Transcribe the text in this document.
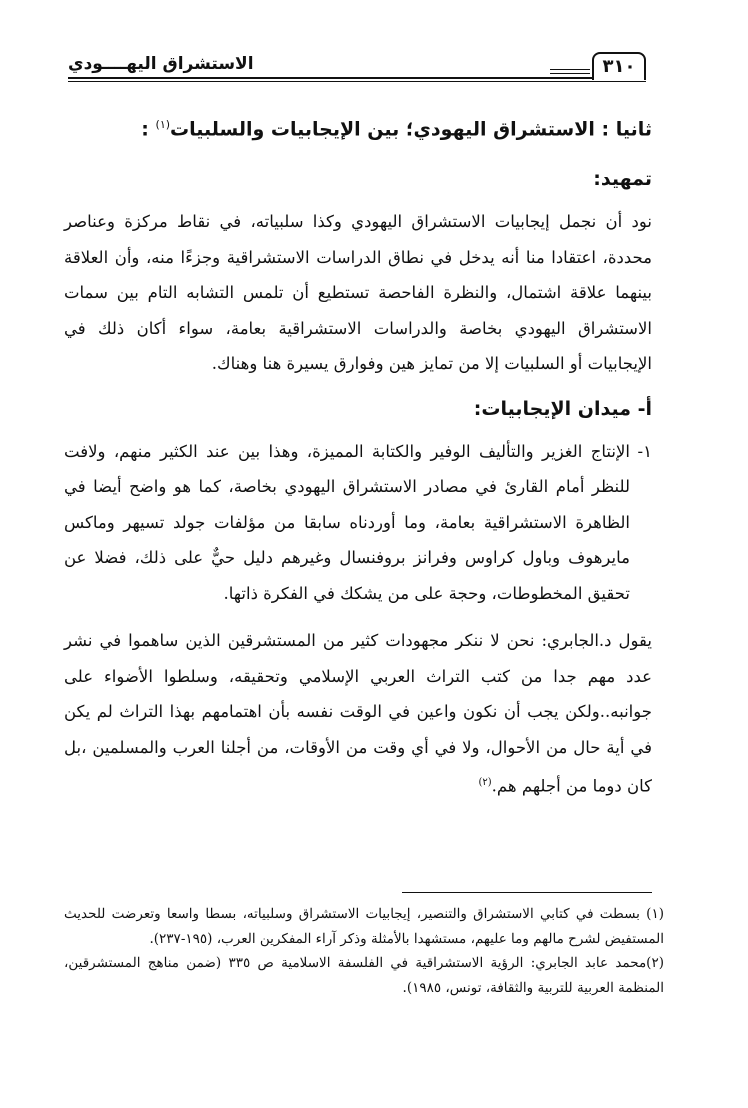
الاستشراق اليهــــودي	٣١٠
ثانيا : الاستشراق اليهودي؛ بين الإيجابيات والسلبيات$^{(١)}$ :
تمهيد:

نود أن نجمل إيجابيات الاستشراق اليهودي وكذا سلبياته، في نقاط مركزة وعناصر محددة، اعتقادا منا أنه يدخل في نطاق الدراسات الاستشراقية وجزءًا منه، وأن العلاقة بينهما علاقة اشتمال، والنظرة الفاحصة تستطيع أن تلمس التشابه التام بين سمات الاستشراق اليهودي بخاصة والدراسات الاستشراقية بعامة، سواء أكان ذلك في الإيجابيات أو السلبيات إلا من تمايز هين وفوارق يسيرة هنا وهناك.

أ- ميدان الإيجابيات:
١-

الإنتاج الغزير والتأليف الوفير والكتابة المميزة، وهذا بين عند الكثير منهم، ولافت للنظر أمام القارئ في مصادر الاستشراق اليهودي بخاصة، كما هو واضح أيضا في الظاهرة الاستشراقية بعامة، وما أوردناه سابقا من مؤلفات جولد تسيهر وماكس مايرهوف وباول كراوس وفرانز بروفنسال وغيرهم دليل حيٌّ على ذلك، فضلا عن تحقيق المخطوطات، وحجة على من يشكك في الفكرة ذاتها.

يقول د.الجابري: نحن لا ننكر مجهودات كثير من المستشرقين الذين ساهموا في نشر عدد مهم جدا من كتب التراث العربي الإسلامي وتحقيقه، وسلطوا الأضواء على جوانبه..ولكن يجب أن نكون واعين في الوقت نفسه بأن اهتمامهم بهذا التراث لم يكن في أية حال من الأحوال، ولا في أي وقت من الأوقات، من أجلنا العرب والمسلمين ،بل كان دوما من أجلهم هم.$^{(٢)}$

(١) بسطت في كتابي الاستشراق والتنصير، إيجابيات الاستشراق وسلبياته، بسطا واسعا وتعرضت للحديث المستفيض لشرح مالهم وما عليهم، مستشهدا بالأمثلة وذكر آراء المفكرين العرب، (١٩٥-٢٣٧).

(٢)محمد عابد الجابري: الرؤية الاستشراقية في الفلسفة الاسلامية ص ٣٣٥ (ضمن مناهج المستشرقين، المنظمة العربية للتربية والثقافة، تونس، ١٩٨٥).
